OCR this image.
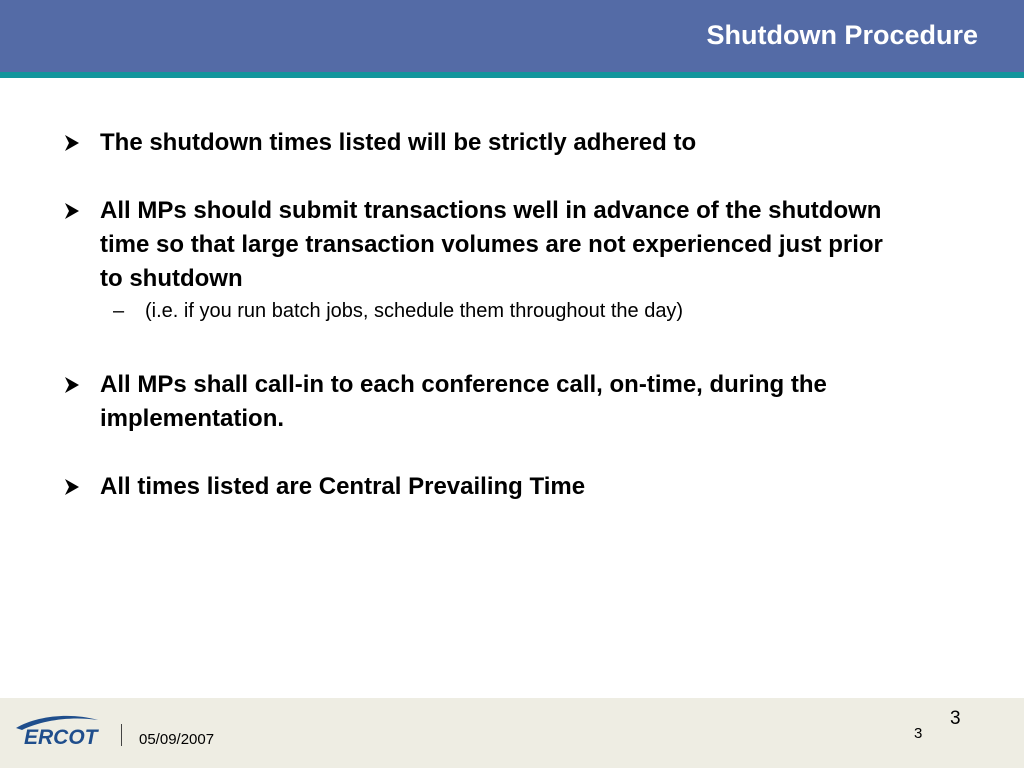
Shutdown Procedure
The shutdown times listed will be strictly adhered to
All MPs should submit transactions well in advance of the shutdown time so that large transaction volumes are not experienced just prior to shutdown
–	(i.e. if you run batch jobs, schedule them throughout the day)
All MPs shall call-in to each conference call, on-time, during the implementation.
All times listed are Central Prevailing Time
ERCOT	05/09/2007
3
3
